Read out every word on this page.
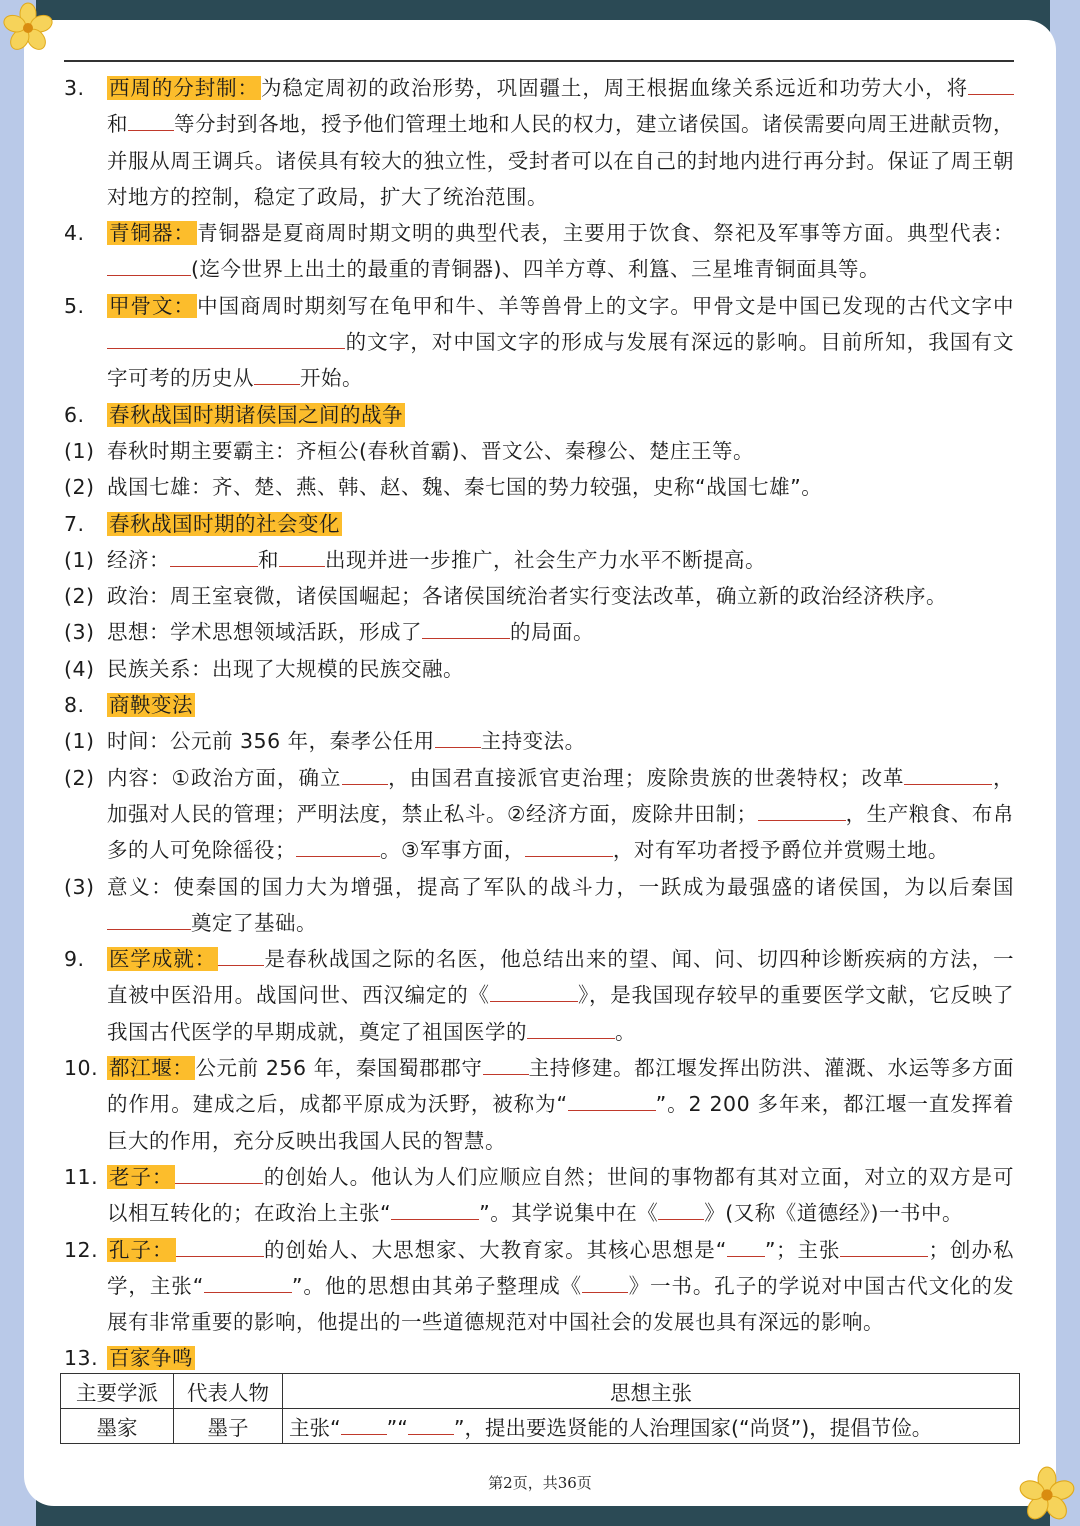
3. 西周的分封制：为稳定周初的政治形势，巩固疆土，周王根据血缘关系远近和功劳大小，将和 等分封到各地，授予他们管理土地和人民的权力，建立诸侯国。诸侯需要向周王进献贡物，并服从周王调兵。诸侯具有较大的独立性，受封者可以在自己的封地内进行再分封。保证了周王朝对地方的控制，稳定了政局，扩大了统治范围。
4. 青铜器：青铜器是夏商周时期文明的典型代表，主要用于饮食、祭祀及军事等方面。典型代表：(迄今世界上出土的最重的青铜器)、四羊方尊、利簋、三星堆青铜面具等。
5. 甲骨文：中国商周时期刻写在龟甲和牛、羊等兽骨上的文字。甲骨文是中国已发现的古代文字中的文字，对中国文字的形成与发展有深远的影响。目前所知，我国有文字可考的历史从 开始。
6. 春秋战国时期诸侯国之间的战争
(1) 春秋时期主要霸主：齐桓公(春秋首霸)、晋文公、秦穆公、楚庄王等。
(2) 战国七雄：齐、楚、燕、韩、赵、魏、秦七国的势力较强，史称“战国七雄”。
7. 春秋战国时期的社会变化
(1) 经济：	和 出现并进一步推广，社会生产力水平不断提高。
(2) 政治：周王室衰微，诸侯国崛起；各诸侯国统治者实行变法改革，确立新的政治经济秩序。
(3) 思想：学术思想领域活跃，形成了	的局面。
(4) 民族关系：出现了大规模的民族交融。
8. 商鞅变法
(1) 时间：公元前 356 年，秦孝公任用 主持变法。
(2) 内容：①政治方面，确立 ，由国君直接派官吏治理；废除贵族的世袭特权；改革	，加强对人民的管理；严明法度，禁止私斗。②经济方面，废除井田制；	，生产粮食、布帛多的人可免除徭役；	。③军事方面，	，对有军功者授予爵位并赏赐土地。
(3) 意义：使秦国的国力大为增强，提高了军队的战斗力，一跃成为最强盛的诸侯国，为以后秦国奠定了基础。
9. 医学成就： 是春秋战国之际的名医，他总结出来的望、闻、问、切四种诊断疾病的方法，一直被中医沿用。战国问世、西汉编定的《	》，是我国现存较早的重要医学文献，它反映了我国古代医学的早期成就，奠定了祖国医学的	。
10. 都江堰：公元前 256 年，秦国蜀郡郡守 主持修建。都江堰发挥出防洪、灌溉、水运等多方面的作用。建成之后，成都平原成为沃野，被称为“	”。2 200 多年来，都江堰一直发挥着巨大的作用，充分反映出我国人民的智慧。
11. 老子：	的创始人。他认为人们应顺应自然；世间的事物都有其对立面，对立的双方是可以相互转化的；在政治上主张“	”。其学说集中在《 》(又称《道德经》)一书中。
12. 孔子：	的创始人、大思想家、大教育家。其核心思想是“ ”；主张	；创办私学，主张“	”。他的思想由其弟子整理成《 》一书。孔子的学说对中国古代文化的发展有非常重要的影响，他提出的一些道德规范对中国社会的发展也具有深远的影响。
13. 百家争鸣
主要学派	代表人物	思想主张
墨家	墨子	主张“ ”“ ”，提出要选贤能的人治理国家(“尚贤”)，提倡节俭。
第2页，共36页
